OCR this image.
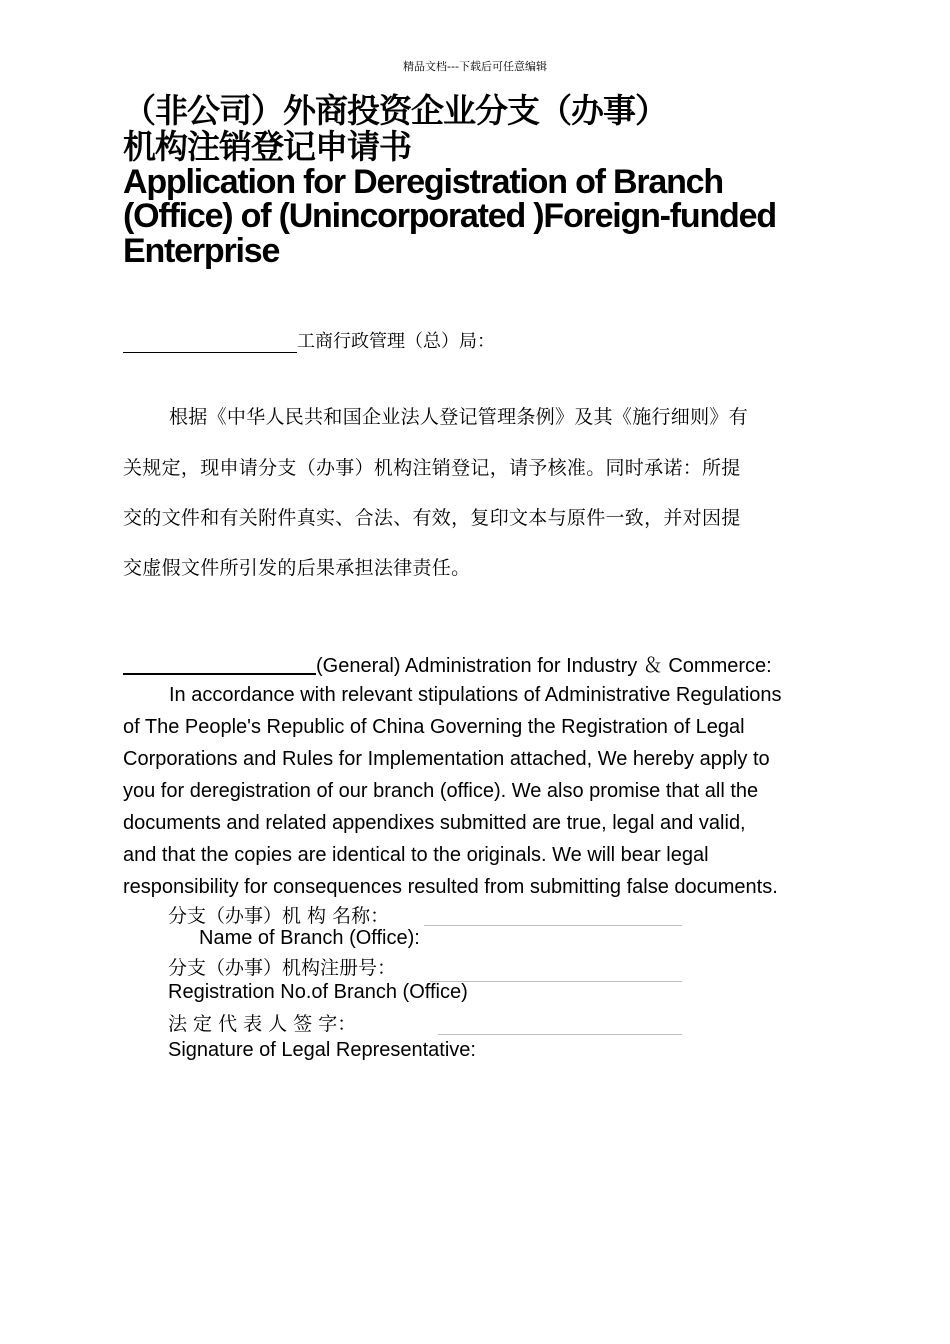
精品文档---下载后可任意编辑
（非公司）外商投资企业分支（办事）
机构注销登记申请书
Application for Deregistration of Branch
(Office) of (Unincorporated )Foreign-funded
Enterprise
工商行政管理（总）局：
根据《中华人民共和国企业法人登记管理条例》及其《施行细则》有
关规定，现申请分支（办事）机构注销登记，请予核准。同时承诺：所提
交的文件和有关附件真实、合法、有效，复印文本与原件一致，并对因提
交虚假文件所引发的后果承担法律责任。
(General) Administration for Industry ＆ Commerce:
In accordance with relevant stipulations of Administrative Regulations
of The People's Republic of China Governing the Registration of Legal
Corporations and Rules for Implementation attached, We hereby apply to
you for deregistration of our branch (office). We also promise that all the
documents and related appendixes submitted are true, legal and valid,
and that the copies are identical to the originals. We will bear legal
responsibility for consequences resulted from submitting false documents.
分支（办事）机 构 名称：
Name of Branch (Office):
分支（办事）机构注册号：
Registration No.of Branch (Office)
法 定 代 表 人 签 字：
Signature of Legal Representative:
